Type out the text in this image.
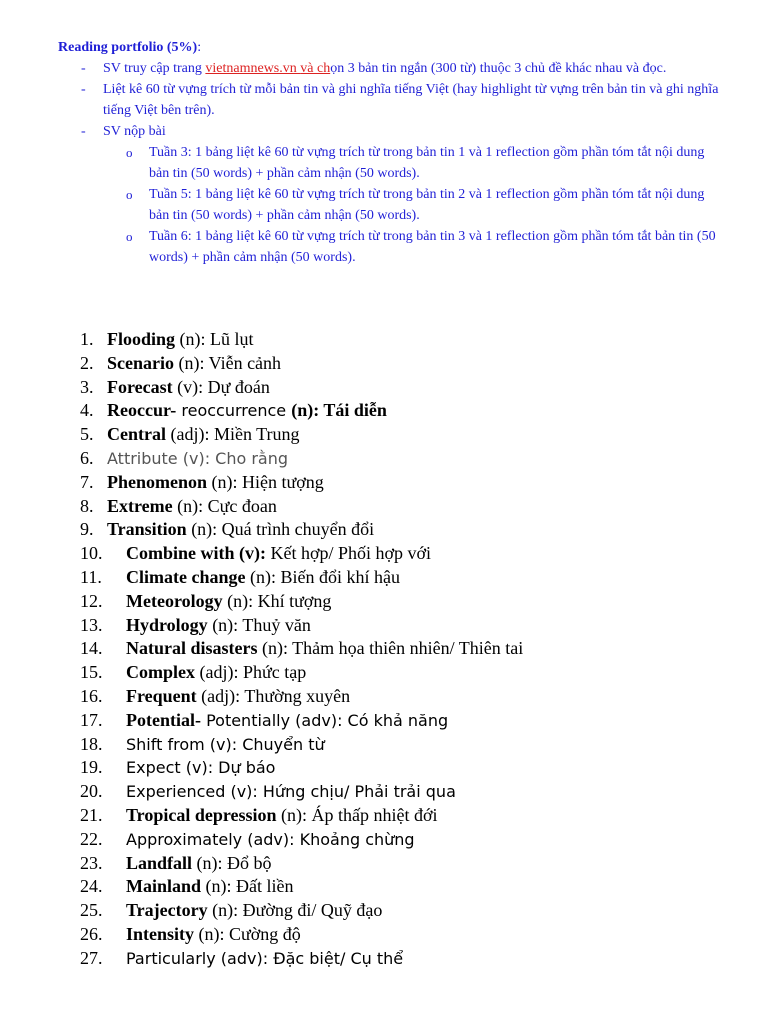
Reading portfolio (5%):
- SV truy cập trang vietnamnews.vn và chọn 3 bản tin ngắn (300 từ) thuộc 3 chủ đề khác nhau và đọc.
- Liệt kê 60 từ vựng trích từ mỗi bản tin và ghi nghĩa tiếng Việt (hay highlight từ vựng trên bản tin và ghi nghĩa tiếng Việt bên trên).
- SV nộp bài
o Tuần 3: 1 bảng liệt kê 60 từ vựng trích từ trong bản tin 1 và 1 reflection gồm phần tóm tắt nội dung bản tin (50 words) + phần cảm nhận (50 words).
o Tuần 5: 1 bảng liệt kê 60 từ vựng trích từ trong bản tin 2 và 1 reflection gồm phần tóm tắt nội dung bản tin (50 words) + phần cảm nhận (50 words).
o Tuần 6: 1 bảng liệt kê 60 từ vựng trích từ trong bản tin 3 và 1 reflection gồm phần tóm tắt bản tin (50 words) + phần cảm nhận (50 words).
1. Flooding (n): Lũ lụt
2. Scenario (n): Viễn cảnh
3. Forecast (v): Dự đoán
4. Reoccur- reoccurrence (n): Tái diễn
5. Central (adj): Miền Trung
6. Attribute (v): Cho rằng
7. Phenomenon (n): Hiện tượng
8. Extreme (n): Cực đoan
9. Transition (n): Quá trình chuyển đổi
10. Combine with (v): Kết hợp/ Phối hợp với
11. Climate change (n): Biến đổi khí hậu
12. Meteorology (n): Khí tượng
13. Hydrology (n): Thuỷ văn
14. Natural disasters (n): Thảm họa thiên nhiên/ Thiên tai
15. Complex (adj): Phức tạp
16. Frequent (adj): Thường xuyên
17. Potential- Potentially (adv): Có khả năng
18. Shift from (v): Chuyển từ
19. Expect (v): Dự báo
20. Experienced (v): Hứng chịu/ Phải trải qua
21. Tropical depression (n): Áp thấp nhiệt đới
22. Approximately (adv): Khoảng chừng
23. Landfall (n): Đổ bộ
24. Mainland (n): Đất liền
25. Trajectory (n): Đường đi/ Quỹ đạo
26. Intensity (n): Cường độ
27. Particularly (adv): Đặc biệt/ Cụ thể
